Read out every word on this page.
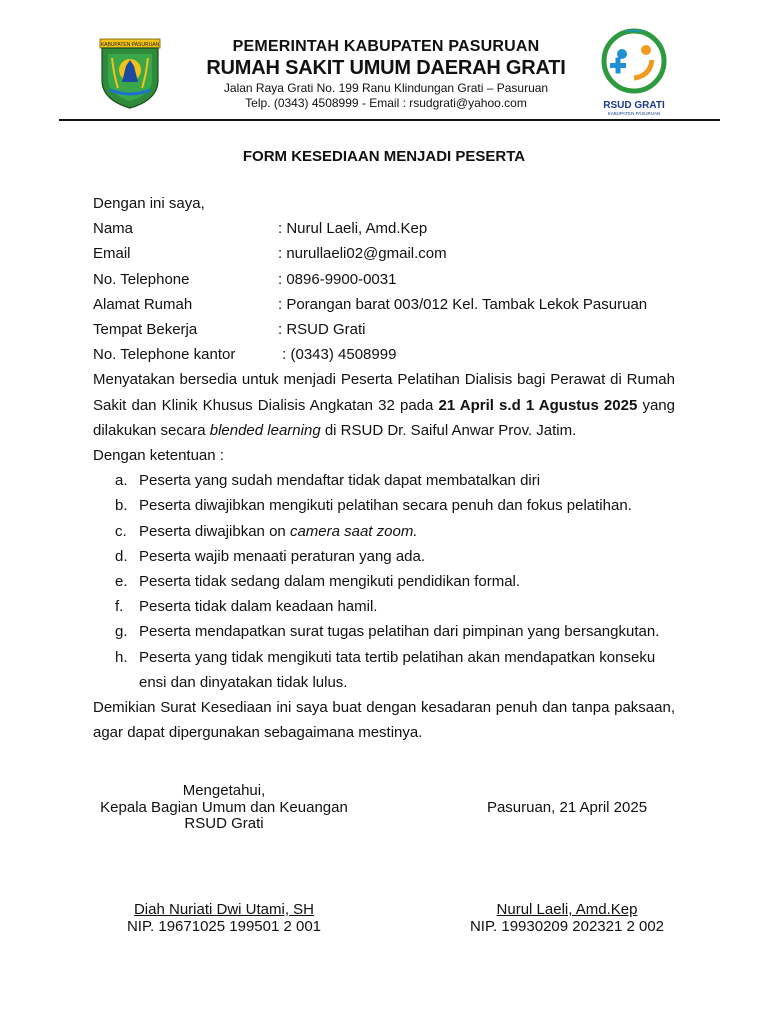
KABUPATEN PASURUAN	PEMERINTAH KABUPATEN PASURUAN
RUMAH SAKIT UMUM DAERAH GRATI
Jalan Raya Grati No. 199 Ranu Klindungan Grati – Pasuruan
Telp. (0343) 4508999 - Email : rsudgrati@yahoo.com	RSUD GRATI
KABUPATEN PASURUAN
FORM KESEDIAAN MENJADI PESERTA
Dengan ini saya,
Nama	: Nurul Laeli, Amd.Kep
Email	: nurullaeli02@gmail.com
No. Telephone	: 0896-9900-0031
Alamat Rumah	: Porangan barat 003/012 Kel. Tambak Lekok Pasuruan
Tempat Bekerja	: RSUD Grati
No. Telephone kantor	: (0343) 4508999
Menyatakan bersedia untuk menjadi Peserta Pelatihan Dialisis bagi Perawat di Rumah Sakit dan Klinik Khusus Dialisis Angkatan 32 pada 21 April s.d 1 Agustus 2025 yang dilakukan secara blended learning di RSUD Dr. Saiful Anwar Prov. Jatim.
Dengan ketentuan :
a. Peserta yang sudah mendaftar tidak dapat membatalkan diri
b. Peserta diwajibkan mengikuti pelatihan secara penuh dan fokus pelatihan.
c. Peserta diwajibkan on camera saat zoom.
d. Peserta wajib menaati peraturan yang ada.
e. Peserta tidak sedang dalam mengikuti pendidikan formal.
f.	Peserta tidak dalam keadaan hamil.
g. Peserta mendapatkan surat tugas pelatihan dari pimpinan yang bersangkutan.
h. Peserta yang tidak mengikuti tata tertib pelatihan akan mendapatkan konseku ensi dan dinyatakan tidak lulus.
Demikian Surat Kesediaan ini saya buat dengan kesadaran penuh dan tanpa paksaan, agar dapat dipergunakan sebagaimana mestinya.
Mengetahui,
Kepala Bagian Umum dan Keuangan
RSUD Grati
Pasuruan, 21 April 2025
Diah Nuriati Dwi Utami, SH
NIP. 19671025 199501 2 001
Nurul Laeli, Amd.Kep
NIP. 19930209 202321 2 002
